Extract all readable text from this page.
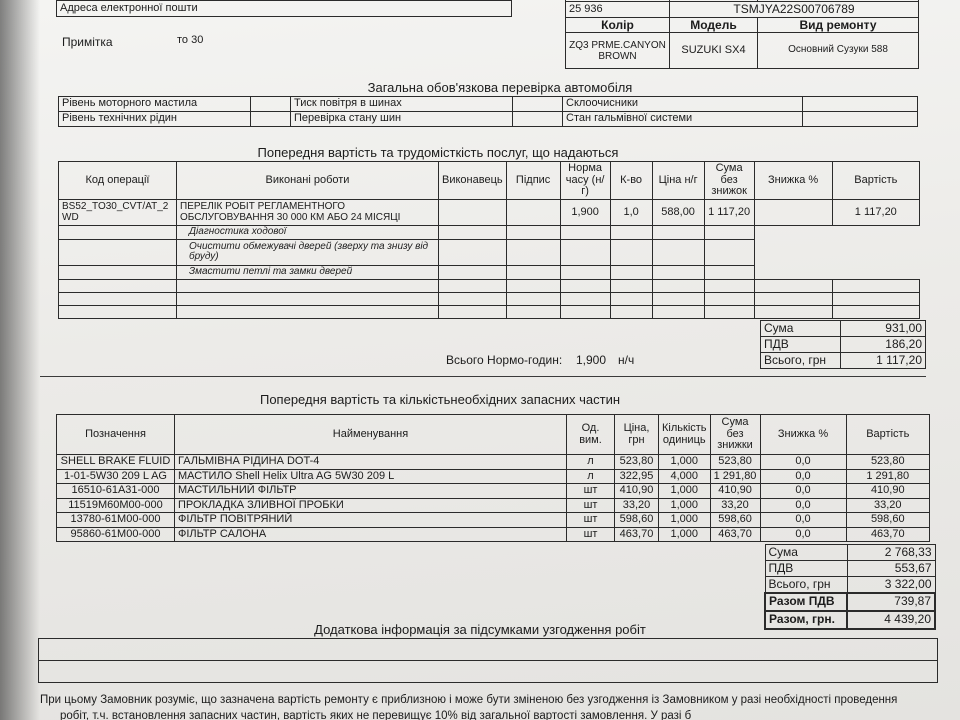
Адреса електронної пошти
Примітка	то 30

25 936	TSMJYA22S00706789	
Колір	Модель	Вид ремонту
ZQ3 PRME.CANYON BROWN	SUZUKI SX4	Основний Сузуки 588
Загальна обов'язкова перевірка автомобіля
Рівень моторного мастила		Тиск повітря в шинах		Склоочисники	
Рівень технічних рідин		Перевірка стану шин		Стан гальмівної системи	
Попередня вартість та трудомісткість послуг, що надаються
Код операції	Виконані роботи	Виконавець	Підпис	Норма часу (н/г)	К-во	Ціна н/г	Сума без знижок	Знижка %	Вартість
BS52_TO30_CVT/AT_2 WD	ПЕРЕЛІК РОБІТ РЕГЛАМЕНТНОГО ОБСЛУГОВУВАННЯ 30 000 КМ АБО 24 МІСЯЦІ			1,900	1,0	588,00	1 117,20		1 117,20
	Діагностика ходової								
	Очистити обмежувачі дверей (зверху та знизу від бруду)								
	Змастити петлі та замки дверей								

Сума	931,00
ПДВ	186,20
Всього, грн	1 117,20
Всього Нормо-годин: 1,900 н/ч
Попередня вартість та кількістьнеобхідних запасних частин
Позначення	Найменування	Од. вим.	Ціна, грн	Кількість одиниць	Сума без знижки	Знижка %	Вартість
SHELL BRAKE FLUID	ГАЛЬМІВНА РІДИНА DOT-4	л	523,80	1,000	523,80	0,0	523,80
1-01-5W30 209 L AG	МАСТИЛО Shell Helix Ultra AG 5W30 209 L	л	322,95	4,000	1 291,80	0,0	1 291,80
16510-61A31-000	МАСТИЛЬНИЙ ФІЛЬТР	шт	410,90	1,000	410,90	0,0	410,90
11519M60M00-000	ПРОКЛАДКА ЗЛИВНОЇ ПРОБКИ	шт	33,20	1,000	33,20	0,0	33,20
13780-61M00-000	ФІЛЬТР ПОВІТРЯНИЙ	шт	598,60	1,000	598,60	0,0	598,60
95860-61M00-000	ФІЛЬТР САЛОНА	шт	463,70	1,000	463,70	0,0	463,70
Сума	2 768,33
ПДВ	553,67
Всього, грн	3 322,00
Разом ПДВ	739,87
Разом, грн.	4 439,20
Додаткова інформація за підсумками узгодження робіт

При цьому Замовник розуміє, що зазначена вартість ремонту є приблизною і може бути зміненою без узгодження із Замовником у разі необхідності проведення
робіт, т.ч. встановлення запасних частин, вартість яких не перевищує 10% від загальної вартості замовлення. У разі б
